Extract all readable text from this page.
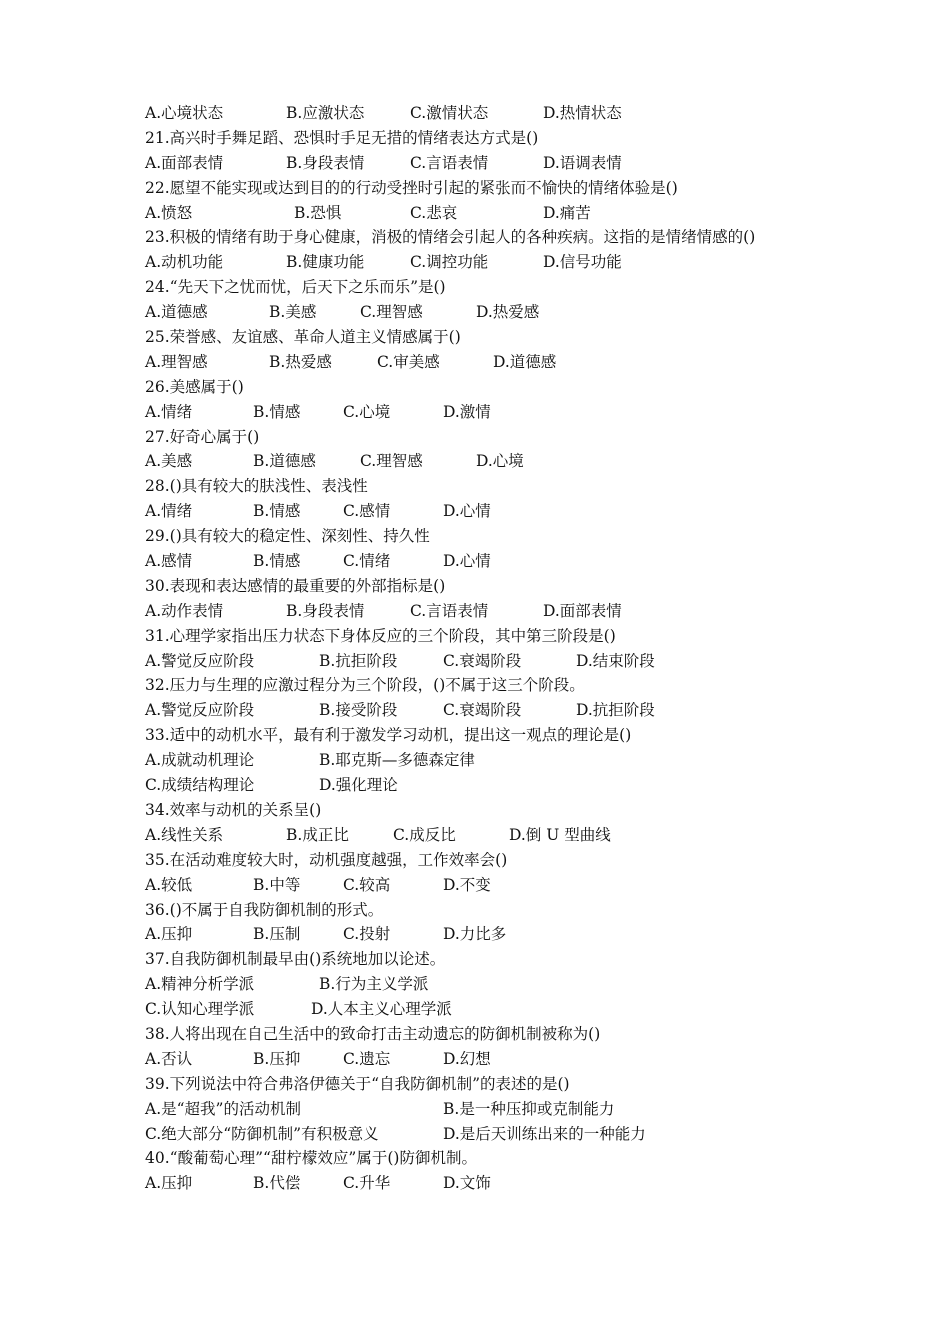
A.心境状态	B.应激状态	C.激情状态	D.热情状态
21.高兴时手舞足蹈、恐惧时手足无措的情绪表达方式是()
A.面部表情	B.身段表情	C.言语表情	D.语调表情
22.愿望不能实现或达到目的的行动受挫时引起的紧张而不愉快的情绪体验是()
A.愤怒	B.恐惧	C.悲哀	D.痛苦
23.积极的情绪有助于身心健康，消极的情绪会引起人的各种疾病。这指的是情绪情感的()
A.动机功能	B.健康功能	C.调控功能	D.信号功能
24.“先天下之忧而忧，后天下之乐而乐”是()
A.道德感	B.美感	C.理智感	D.热爱感
25.荣誉感、友谊感、革命人道主义情感属于()
A.理智感	B.热爱感	C.审美感	D.道德感
26.美感属于()
A.情绪	B.情感	C.心境	D.激情
27.好奇心属于()
A.美感	B.道德感	C.理智感	D.心境
28.()具有较大的肤浅性、表浅性
A.情绪	B.情感	C.感情	D.心情
29.()具有较大的稳定性、深刻性、持久性
A.感情	B.情感	C.情绪	D.心情
30.表现和表达感情的最重要的外部指标是()
A.动作表情	B.身段表情	C.言语表情	D.面部表情
31.心理学家指出压力状态下身体反应的三个阶段，其中第三阶段是()
A.警觉反应阶段	B.抗拒阶段	C.衰竭阶段	D.结束阶段
32.压力与生理的应激过程分为三个阶段，()不属于这三个阶段。
A.警觉反应阶段	B.接受阶段	C.衰竭阶段	D.抗拒阶段
33.适中的动机水平，最有利于激发学习动机，提出这一观点的理论是()
A.成就动机理论	B.耶克斯—多德森定律
C.成绩结构理论	D.强化理论
34.效率与动机的关系呈()
A.线性关系	B.成正比	C.成反比	D.倒 U 型曲线
35.在活动难度较大时，动机强度越强，工作效率会()
A.较低	B.中等	C.较高	D.不变
36.()不属于自我防御机制的形式。
A.压抑	B.压制	C.投射	D.力比多
37.自我防御机制最早由()系统地加以论述。
A.精神分析学派	B.行为主义学派
C.认知心理学派	D.人本主义心理学派
38.人将出现在自己生活中的致命打击主动遗忘的防御机制被称为()
A.否认	B.压抑	C.遗忘	D.幻想
39.下列说法中符合弗洛伊德关于“自我防御机制”的表述的是()
A.是“超我”的活动机制	B.是一种压抑或克制能力
C.绝大部分“防御机制”有积极意义	D.是后天训练出来的一种能力
40.“酸葡萄心理”“甜柠檬效应”属于()防御机制。
A.压抑	B.代偿	C.升华	D.文饰
